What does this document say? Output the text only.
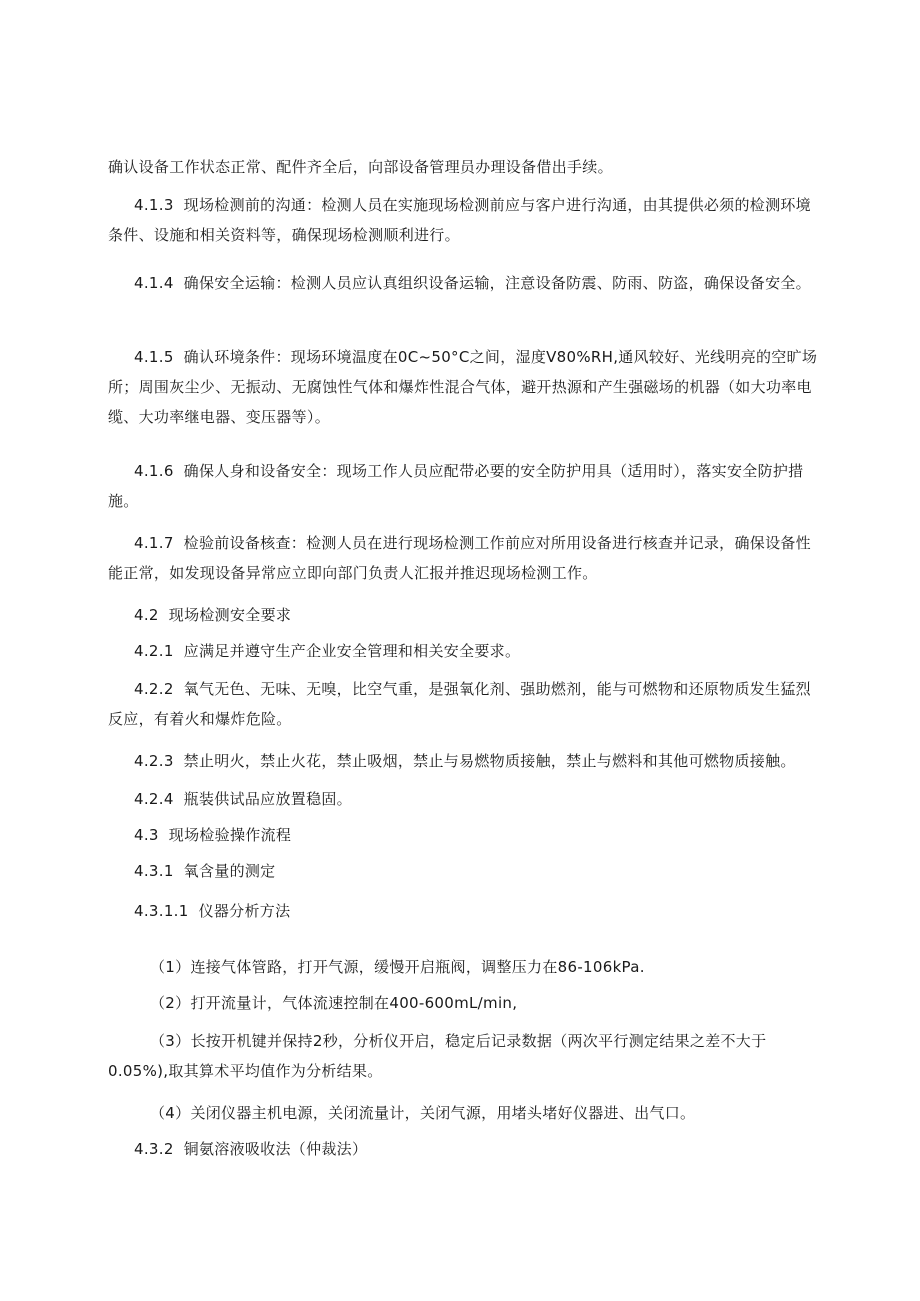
确认设备工作状态正常、配件齐全后，向部设备管理员办理设备借出手续。

4.1.3 现场检测前的沟通：检测人员在实施现场检测前应与客户进行沟通，由其提供必须的检测环境条件、设施和相关资料等，确保现场检测顺利进行。

4.1.4 确保安全运输：检测人员应认真组织设备运输，注意设备防震、防雨、防盗，确保设备安全。

4.1.5 确认环境条件：现场环境温度在0C~50°C之间，湿度V80%RH,通风较好、光线明亮的空旷场所；周围灰尘少、无振动、无腐蚀性气体和爆炸性混合气体，避开热源和产生强磁场的机器（如大功率电缆、大功率继电器、变压器等）。

4.1.6 确保人身和设备安全：现场工作人员应配带必要的安全防护用具（适用时），落实安全防护措施。

4.1.7 检验前设备核查：检测人员在进行现场检测工作前应对所用设备进行核查并记录，确保设备性能正常，如发现设备异常应立即向部门负责人汇报并推迟现场检测工作。

4.2 现场检测安全要求

4.2.1 应满足并遵守生产企业安全管理和相关安全要求。

4.2.2 氧气无色、无味、无嗅，比空气重，是强氧化剂、强助燃剂，能与可燃物和还原物质发生猛烈反应，有着火和爆炸危险。

4.2.3 禁止明火，禁止火花，禁止吸烟，禁止与易燃物质接触，禁止与燃料和其他可燃物质接触。

4.2.4 瓶装供试品应放置稳固。

4.3 现场检验操作流程

4.3.1 氧含量的测定

4.3.1.1 仪器分析方法

（1）连接气体管路，打开气源，缓慢开启瓶阀，调整压力在86-106kPa.

（2）打开流量计，气体流速控制在400-600mL∕min,

（3）长按开机键并保持2秒，分析仪开启，稳定后记录数据（两次平行测定结果之差不大于0.05%),取其算术平均值作为分析结果。

（4）关闭仪器主机电源，关闭流量计，关闭气源，用堵头堵好仪器进、出气口。

4.3.2 铜氨溶液吸收法（仲裁法）
